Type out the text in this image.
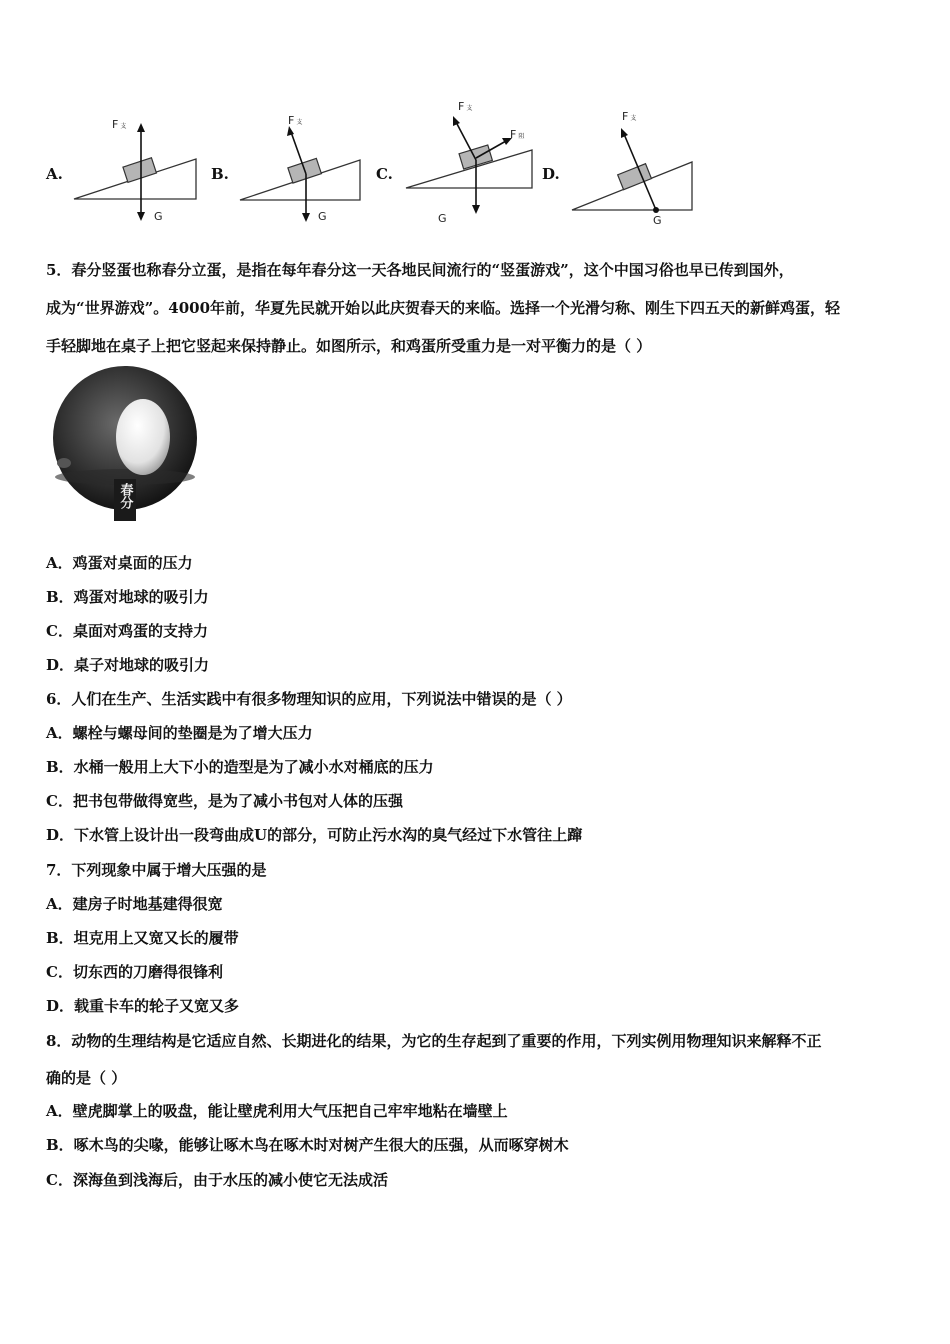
A.
F支
G
B.
F支
G
C.
F支
F阻
G
D.
F支
G
5．春分竖蛋也称春分立蛋，是指在每年春分这一天各地民间流行的“竖蛋游戏”，这个中国习俗也早已传到国外，
成为“世界游戏”。4000年前，华夏先民就开始以此庆贺春天的来临。选择一个光滑匀称、刚生下四五天的新鲜鸡蛋，轻
手轻脚地在桌子上把它竖起来保持静止。如图所示，和鸡蛋所受重力是一对平衡力的是（ ）
春分
A．鸡蛋对桌面的压力
B．鸡蛋对地球的吸引力
C．桌面对鸡蛋的支持力
D．桌子对地球的吸引力
6．人们在生产、生活实践中有很多物理知识的应用，下列说法中错误的是（ ）
A．螺栓与螺母间的垫圈是为了增大压力
B．水桶一般用上大下小的造型是为了减小水对桶底的压力
C．把书包带做得宽些，是为了减小书包对人体的压强
D．下水管上设计出一段弯曲成U的部分，可防止污水沟的臭气经过下水管往上蹿
7．下列现象中属于增大压强的是
A．建房子时地基建得很宽
B．坦克用上又宽又长的履带
C．切东西的刀磨得很锋利
D．载重卡车的轮子又宽又多
8．动物的生理结构是它适应自然、长期进化的结果，为它的生存起到了重要的作用，下列实例用物理知识来解释不正
确的是（ ）
A．壁虎脚掌上的吸盘，能让壁虎利用大气压把自己牢牢地粘在墙壁上
B．啄木鸟的尖喙，能够让啄木鸟在啄木时对树产生很大的压强，从而啄穿树木
C．深海鱼到浅海后，由于水压的减小使它无法成活
